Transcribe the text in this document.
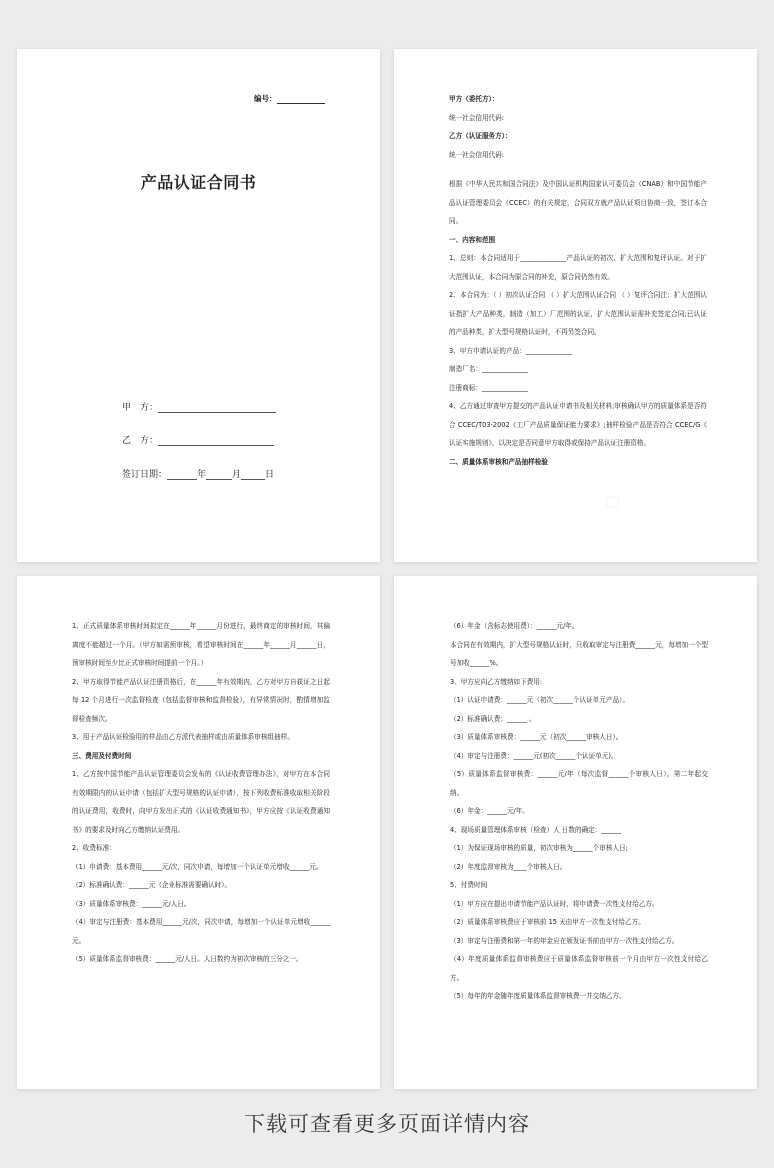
编号：
产品认证合同书
甲　方：
乙　方：
签订日期：	年	月	日

甲方（委托方）：

统一社会信用代码:

乙方（认证服务方）：

统一社会信用代码:

根据《中华人民共和国合同法》及中国认证机构国家认可委员会（CNAB）和中国节能产品认证管理委员会（CCEC）的有关规定，合同双方就产品认证项目协商一致，签订本合同。

一、内容和范围

1、总则：本合同适用于______________产品认证的初次、扩大范围和复评认证。对于扩大范围认证，本合同为原合同的补充，原合同仍然有效。

2、本合同为：（ ）初次认证合同 （ ）扩大范围认证合同 （ ）复评合同注：扩大范围认证指扩大产品种类，制造（加工）厂范围的认证，扩大范围认证需补充签定合同;已认证的产品种类，扩大型号规格认证时，不再另签合同。

3、甲方申请认证的产品：______________

制造厂名：______________

注册商标：______________

4、乙方通过审查甲方提交的产品认证申请书及相关材料;审核确认甲方的质量体系是否符合 CCEC/T03-2002《工厂产品质量保证能力要求》;抽样检验产品是否符合 CCEC/G《 认证实施规则》，以决定是否同意甲方取得或保持产品认证注册资格。

二、质量体系审核和产品抽样检验

1、正式质量体系审核时间拟定在______年______月份进行，最终商定的审核时间，其偏离度不能超过一个月。（甲方如需预审核，希望审核时间在______年______月______日，预审核时间至少比正式审核时间提前一个月。）

2、甲方取得节能产品认证注册资格后，在______年有效期内，乙方对甲方自获证之日起每 12 个月进行一次监督检查（包括监督审核和监督检验），有异常情况时，酌情增加监督检查频次。

3、用于产品认证检验用的样品由乙方派代表抽样或由质量体系审核组抽样。

三、费用及付费时间

1、乙方按中国节能产品认证管理委员会发布的《认证收费管理办法》，对甲方在本合同有效期限内的认证申请（包括扩大型号规格的认证申请），按下列收费标准收取相关阶段的认证费用，收费时，向甲方发出正式的《认证收费通知书》，甲方应按《认证收费通知书》的要求及时向乙方缴纳认证费用。

2、收费标准：

（1）申请费：基本费用______元/次，同次申请，每增加一个认证单元增收______元。

（2）标准确认费：______元（企业标准需要确认时）。

（3）质量体系审核费：______元/人日。

（4）审定与注册费：基本费用______元/次，同次申请，每增加一个认证单元增收______元。

（5）质量体系监督审核费：______元/人日。人日数约为初次审核的三分之一。

（6）年金（含标志使用费）：______元/年。

本合同在有效期内，扩大型号规格认证时，只收取审定与注册费______元，每增加一个型号加收______%。

3、甲方应向乙方缴纳如下费用:

（1）认证申请费：______元（初次______个认证单元产品）。

（2）标准确认费：______ 。

（3）质量体系审核费：______元（初次______审核人日）。

（4）审定与注册费：______元(初次______个认证单元)。

（5）质量体系监督审核费：______元/年（每次监督______个审核人日），第二年起交纳。

（6）年金：______元/年。

4、现场质量管理体系审核（检查）人 日数的确定：______

（1）为保证现场审核的质量，初次审核为______个审核人日;

（2）年度监督审核为____个审核人日。

5、付费时间

（1）甲方应在提出申请节能产品认证时，将申请费一次性支付给乙方。

（2）质量体系审核费应于审核前 15 天由甲方一次性支付给乙方。

（3）审定与注册费和第一年的年金应在颁发证书前由甲方一次性支付给乙方。

（4）年度质量体系监督审核费应于质量体系监督审核前一个月由甲方一次性支付给乙方。

（5）每年的年金随年度质量体系监督审核费一并交纳乙方。

下载可查看更多页面详情内容
